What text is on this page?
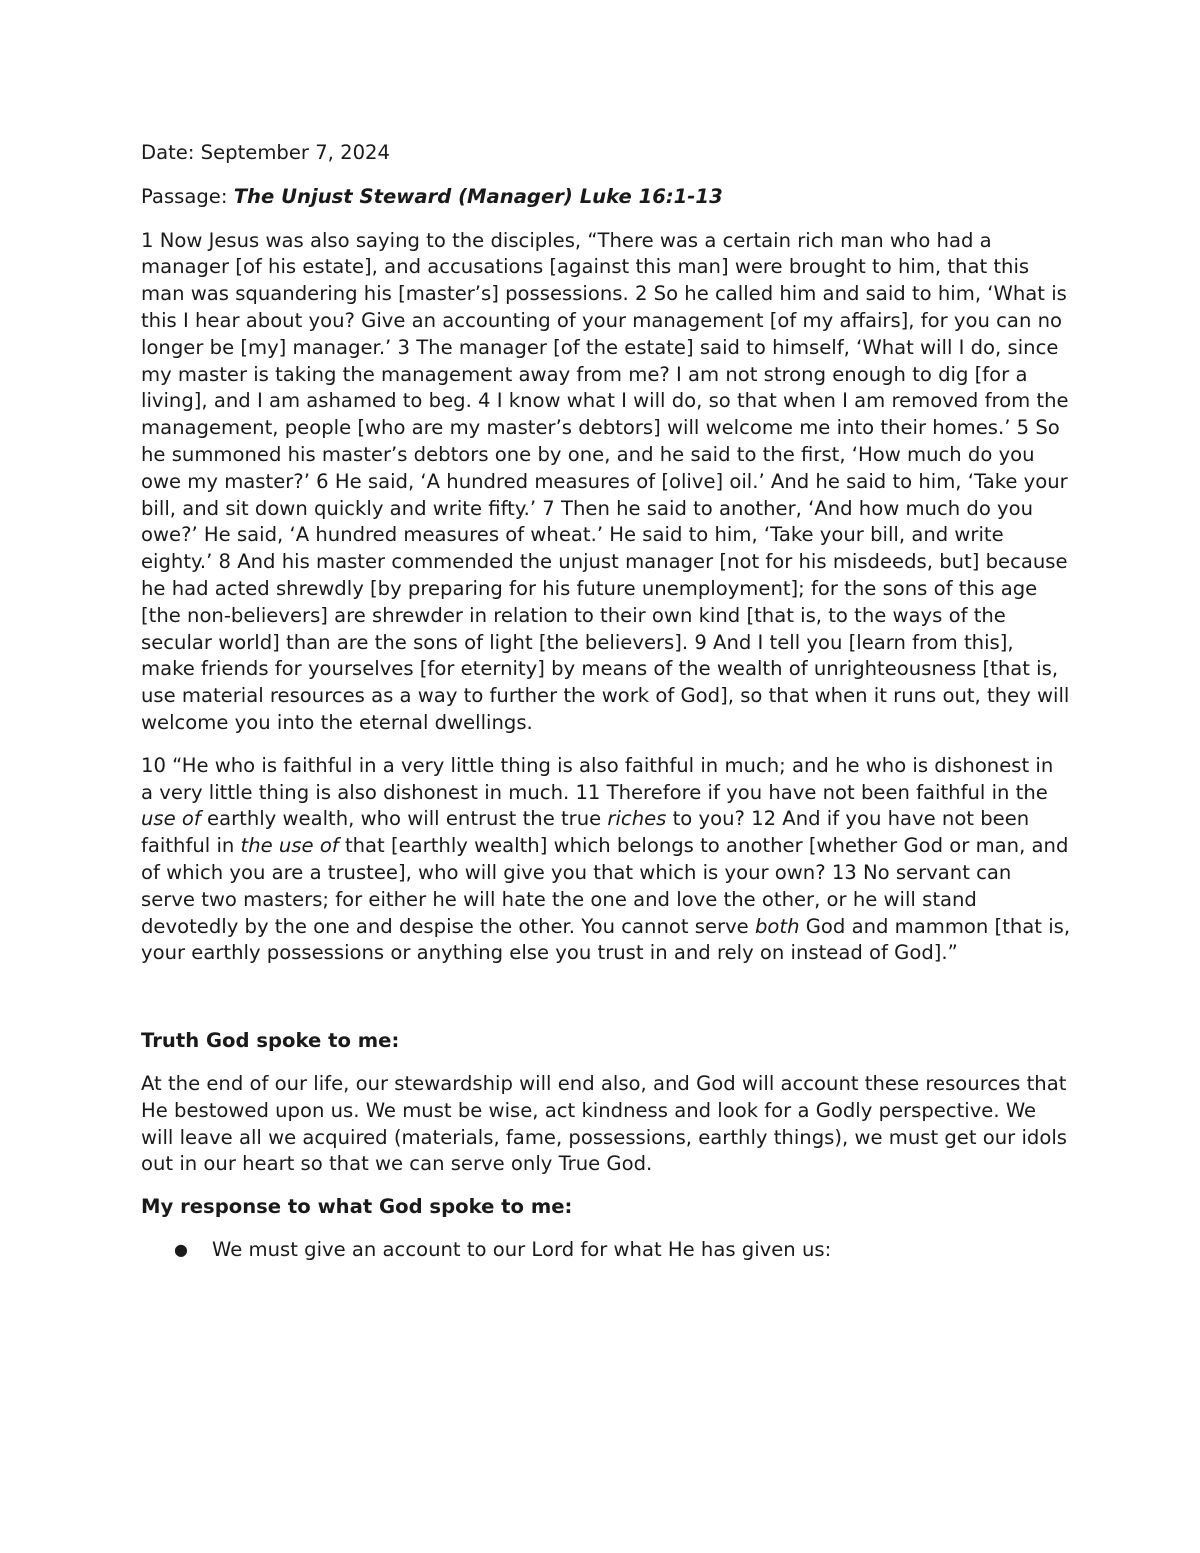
Date: September 7, 2024

Passage: The Unjust Steward (Manager) Luke 16:1-13

1 Now Jesus was also saying to the disciples, “There was a certain rich man who had a manager [of his estate], and accusations [against this man] were brought to him, that this man was squandering his [master’s] possessions. 2 So he called him and said to him, ‘What is this I hear about you? Give an accounting of your management [of my affairs], for you can no longer be [my] manager.’ 3 The manager [of the estate] said to himself, ‘What will I do, since my master is taking the management away from me? I am not strong enough to dig [for a living], and I am ashamed to beg. 4 I know what I will do, so that when I am removed from the management, people [who are my master’s debtors] will welcome me into their homes.’ 5 So he summoned his master’s debtors one by one, and he said to the first, ‘How much do you owe my master?’ 6 He said, ‘A hundred measures of [olive] oil.’ And he said to him, ‘Take your bill, and sit down quickly and write fifty.’ 7 Then he said to another, ‘And how much do you owe?’ He said, ‘A hundred measures of wheat.’ He said to him, ‘Take your bill, and write eighty.’ 8 And his master commended the unjust manager [not for his misdeeds, but] because he had acted shrewdly [by preparing for his future unemployment]; for the sons of this age [the non-believers] are shrewder in relation to their own kind [that is, to the ways of the secular world] than are the sons of light [the believers]. 9 And I tell you [learn from this], make friends for yourselves [for eternity] by means of the wealth of unrighteousness [that is, use material resources as a way to further the work of God], so that when it runs out, they will welcome you into the eternal dwellings.

10 “He who is faithful in a very little thing is also faithful in much; and he who is dishonest in a very little thing is also dishonest in much. 11 Therefore if you have not been faithful in the use of earthly wealth, who will entrust the true riches to you? 12 And if you have not been faithful in the use of that [earthly wealth] which belongs to another [whether God or man, and of which you are a trustee], who will give you that which is your own? 13 No servant can serve two masters; for either he will hate the one and love the other, or he will stand devotedly by the one and despise the other. You cannot serve both God and mammon [that is, your earthly possessions or anything else you trust in and rely on instead of God].”

Truth God spoke to me:

At the end of our life, our stewardship will end also, and God will account these resources that He bestowed upon us. We must be wise, act kindness and look for a Godly perspective. We will leave all we acquired (materials, fame, possessions, earthly things), we must get our idols out in our heart so that we can serve only True God.

My response to what God spoke to me:
● We must give an account to our Lord for what He has given us:
